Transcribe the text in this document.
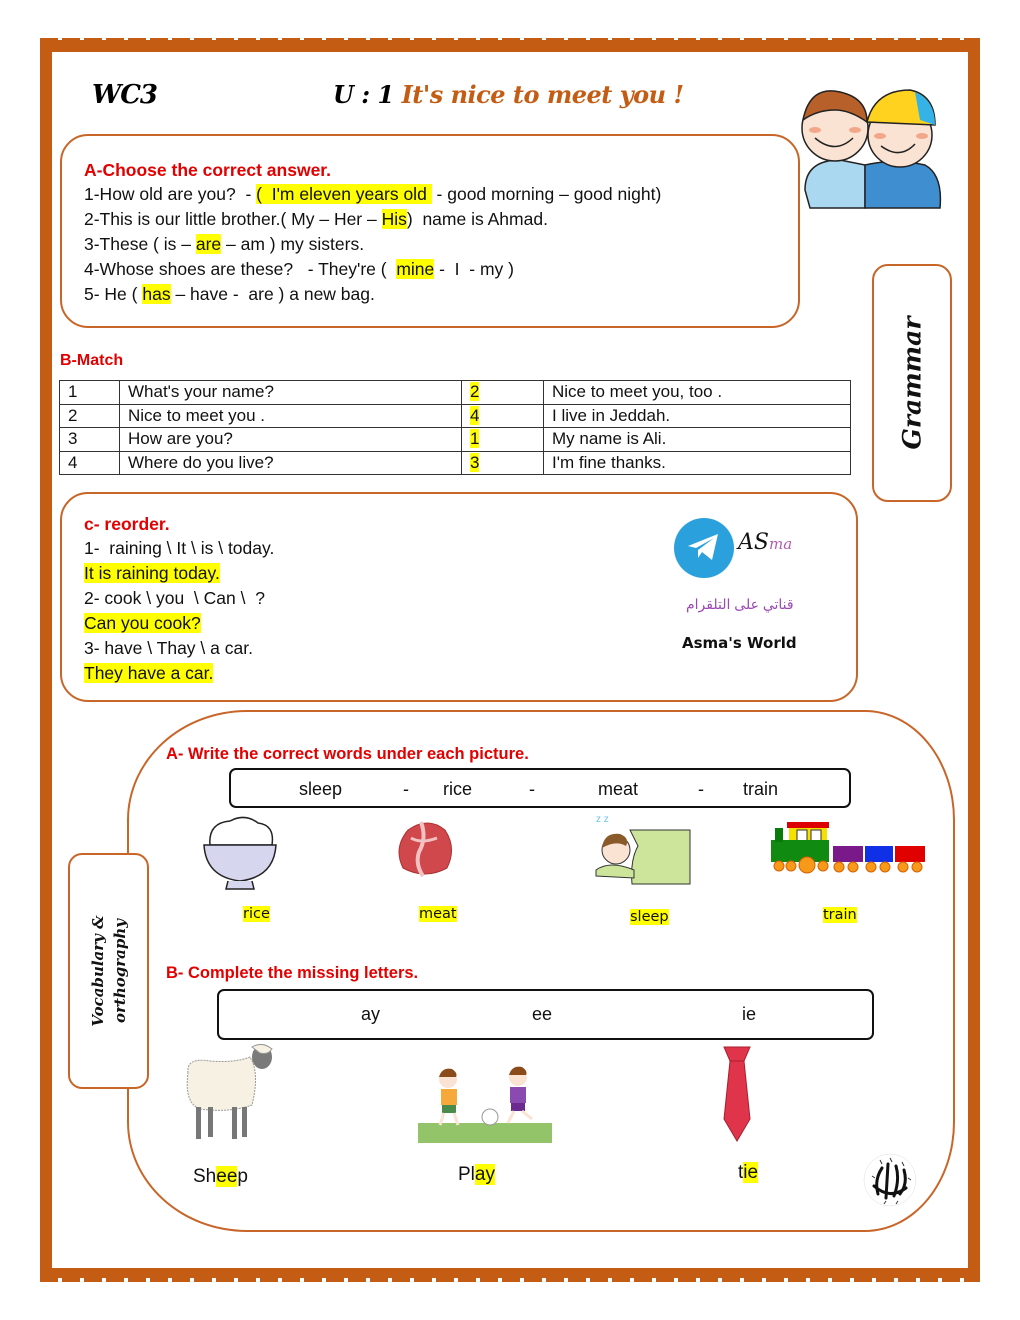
WC3	U : 1 It's nice to meet you !
A-Choose the correct answer.
1-How old are you?  - (  I'm eleven years old  - good morning – good night)
2-This is our little brother.( My – Her – His)  name is Ahmad.
3-These ( is – are – am ) my sisters.
4-Whose shoes are these?   - They're (  mine -  I  - my )
5- He ( has – have -  are ) a new bag.
Grammar
B-Match
1	What's your name?	2	Nice to meet you, too .
2	Nice to meet you .	4	I live in Jeddah.
3	How are you?	1	My name is Ali.
4	Where do you live?	3	I'm fine thanks.
c- reorder.
1-  raining \ It \ is \ today.
It is raining today.
2- cook \ you  \ Can \  ?
Can you cook?
3- have \ Thay \ a car.
They have a car.
ASma
قناتي على التلقرام
Asma's World
Vocabulary & orthography
A- Write the correct words under each picture.
sleep	- rice	-	meat	- train
z z
rice	meat	sleep	train
B- Complete the missing letters.
ay	ee	ie
Sheep	Play	tie
